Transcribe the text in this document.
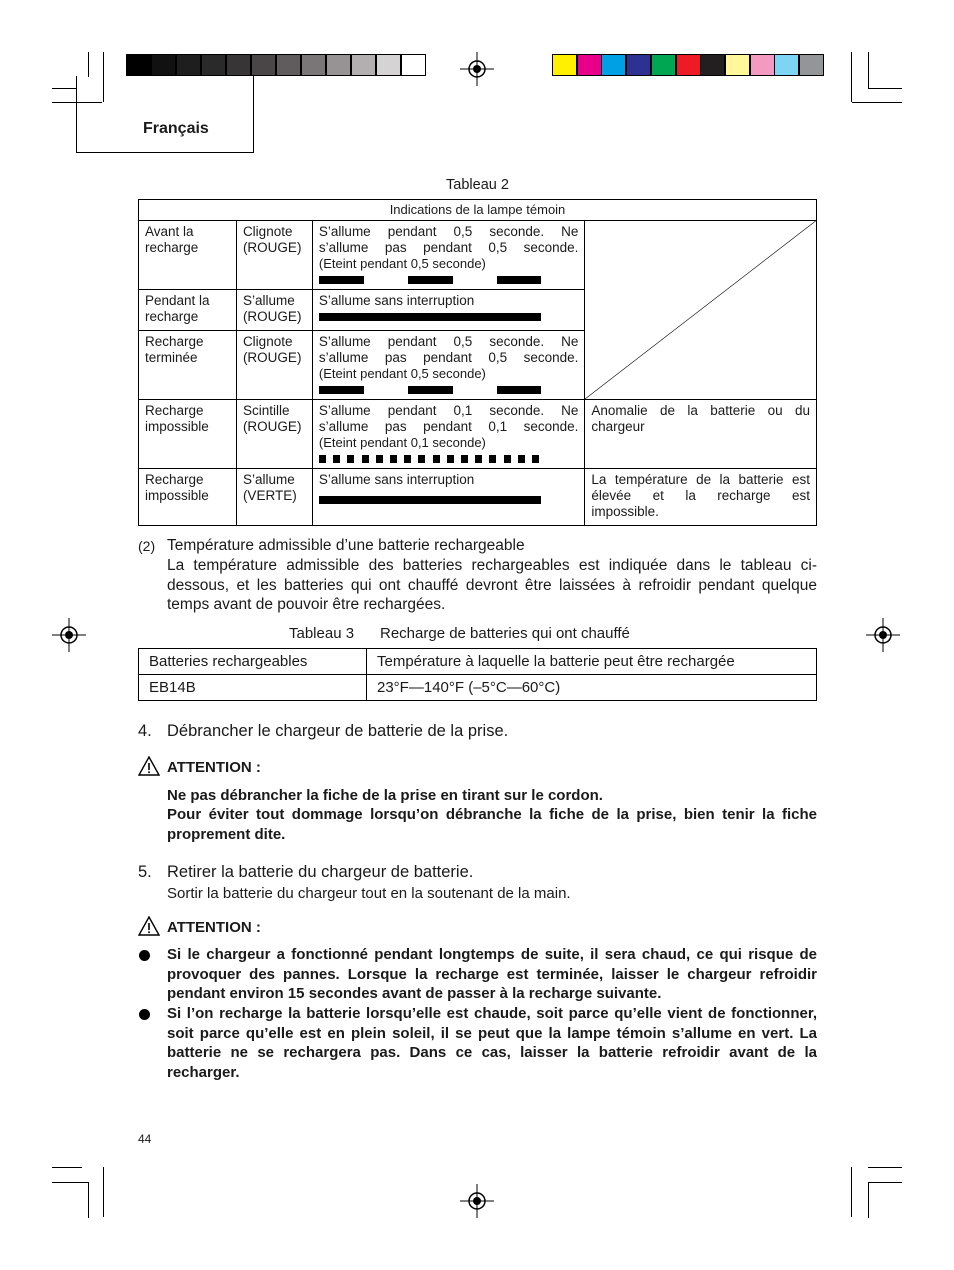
Français
Tableau 2
Indications de la lampe témoin			
Avant la recharge	Clignote (ROUGE)	S’allume pendant 0,5 seconde. Ne
s’allume pas pendant 0,5 seconde.
(Eteint pendant 0,5 seconde)

Pendant la recharge	S’allume (ROUGE)	S’allume sans interruption	

Recharge terminée	Clignote (ROUGE)	S’allume pendant 0,5 seconde. Ne
s’allume pas pendant 0,5 seconde.
(Eteint pendant 0,5 seconde)	

Recharge impossible	Scintille (ROUGE)	S’allume pendant 0,1 seconde. Ne
s’allume pas pendant 0,1 seconde.
(Eteint pendant 0,1 seconde)	Anomalie de la batterie ou du chargeur
Recharge impossible	S’allume (VERTE)	S’allume sans interruption	La température de la batterie est élevée et la recharge est impossible.
(2) Température admissible d’une batterie rechargeable
La température admissible des batteries rechargeables est indiquée dans le tableau ci-dessous, et les batteries qui ont chauffé devront être laissées à refroidir pendant quelque temps avant de pouvoir être rechargées.
Tableau 3 Recharge de batteries qui ont chauffé
Batteries rechargeables	Température à laquelle la batterie peut être rechargée
EB14B	23°F—140°F (–5°C—60°C)
4. Débrancher le chargeur de batterie de la prise.
ATTENTION :
Ne pas débrancher la fiche de la prise en tirant sur le cordon.
Pour éviter tout dommage lorsqu’on débranche la fiche de la prise, bien tenir la fiche proprement dite.
5. Retirer la batterie du chargeur de batterie.
Sortir la batterie du chargeur tout en la soutenant de la main.
ATTENTION :
Si le chargeur a fonctionné pendant longtemps de suite, il sera chaud, ce qui risque de provoquer des pannes. Lorsque la recharge est terminée, laisser le chargeur refroidir pendant environ 15 secondes avant de passer à la recharge suivante.
Si l’on recharge la batterie lorsqu’elle est chaude, soit parce qu’elle vient de fonctionner, soit parce qu’elle est en plein soleil, il se peut que la lampe témoin s’allume en vert. La batterie ne se rechargera pas. Dans ce cas, laisser la batterie refroidir avant de la recharger.
44
